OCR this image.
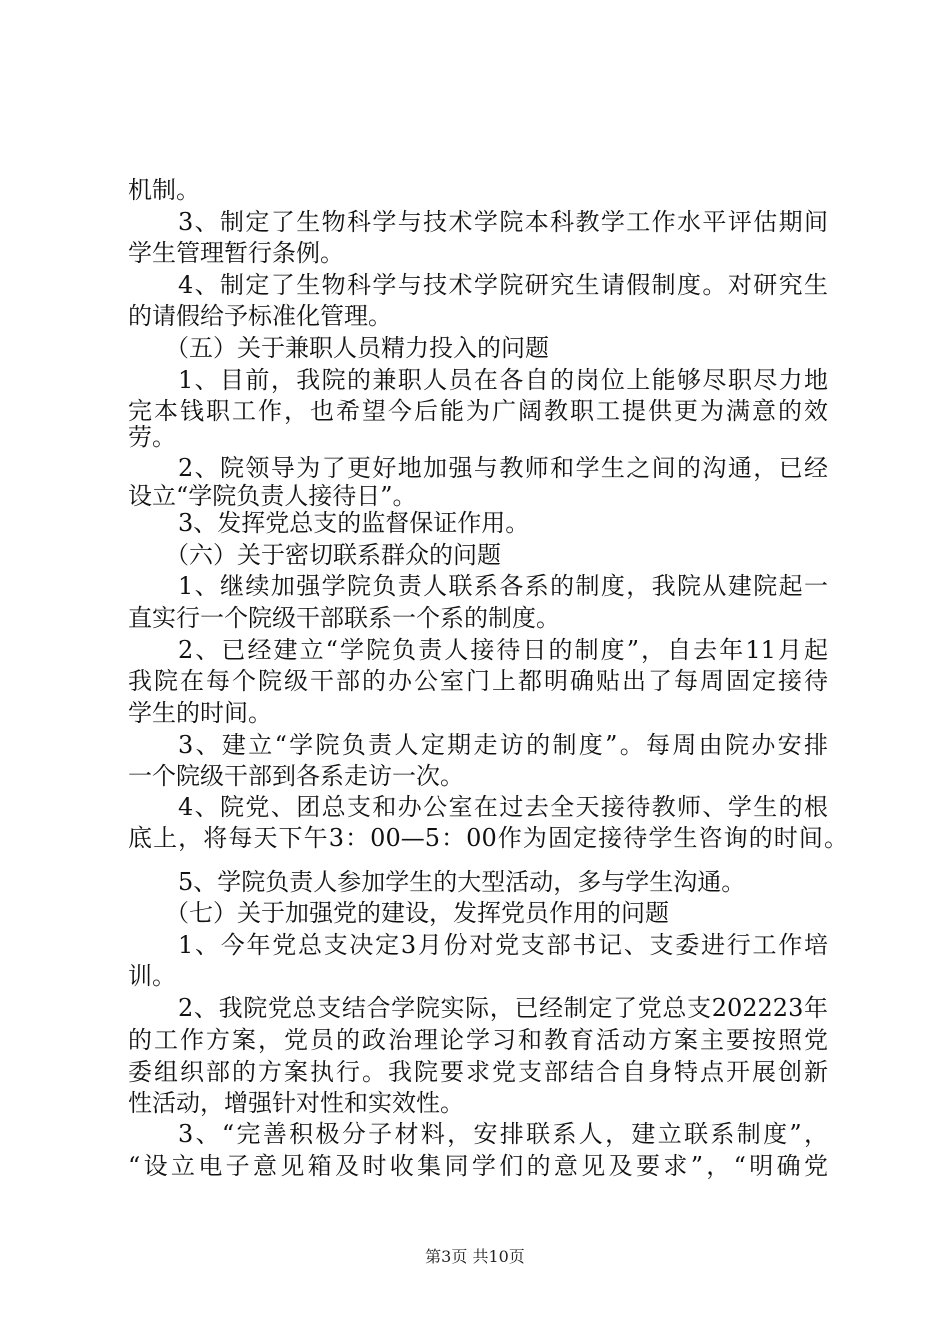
机制。
3、制定了生物科学与技术学院本科教学工作水平评估期间
学生管理暂行条例。
4、制定了生物科学与技术学院研究生请假制度。对研究生
的请假给予标准化管理。
（五）关于兼职人员精力投入的问题
1、目前，我院的兼职人员在各自的岗位上能够尽职尽力地
完本钱职工作，也希望今后能为广阔教职工提供更为满意的效
劳。
2、院领导为了更好地加强与教师和学生之间的沟通，已经
设立“学院负责人接待日”。
3、发挥党总支的监督保证作用。
（六）关于密切联系群众的问题
1、继续加强学院负责人联系各系的制度，我院从建院起一
直实行一个院级干部联系一个系的制度。
2、已经建立“学院负责人接待日的制度”，自去年11月起
我院在每个院级干部的办公室门上都明确贴出了每周固定接待
学生的时间。
3、建立“学院负责人定期走访的制度”。每周由院办安排
一个院级干部到各系走访一次。
4、院党、团总支和办公室在过去全天接待教师、学生的根
底上，将每天下午3：00—5：00作为固定接待学生咨询的时间。
5、学院负责人参加学生的大型活动，多与学生沟通。
（七）关于加强党的建设，发挥党员作用的问题
1、今年党总支决定3月份对党支部书记、支委进行工作培
训。
2、我院党总支结合学院实际，已经制定了党总支202223年
的工作方案，党员的政治理论学习和教育活动方案主要按照党
委组织部的方案执行。我院要求党支部结合自身特点开展创新
性活动，增强针对性和实效性。
3、“完善积极分子材料，安排联系人，建立联系制度”，
“设立电子意见箱及时收集同学们的意见及要求”，“明确党
第3页 共10页
